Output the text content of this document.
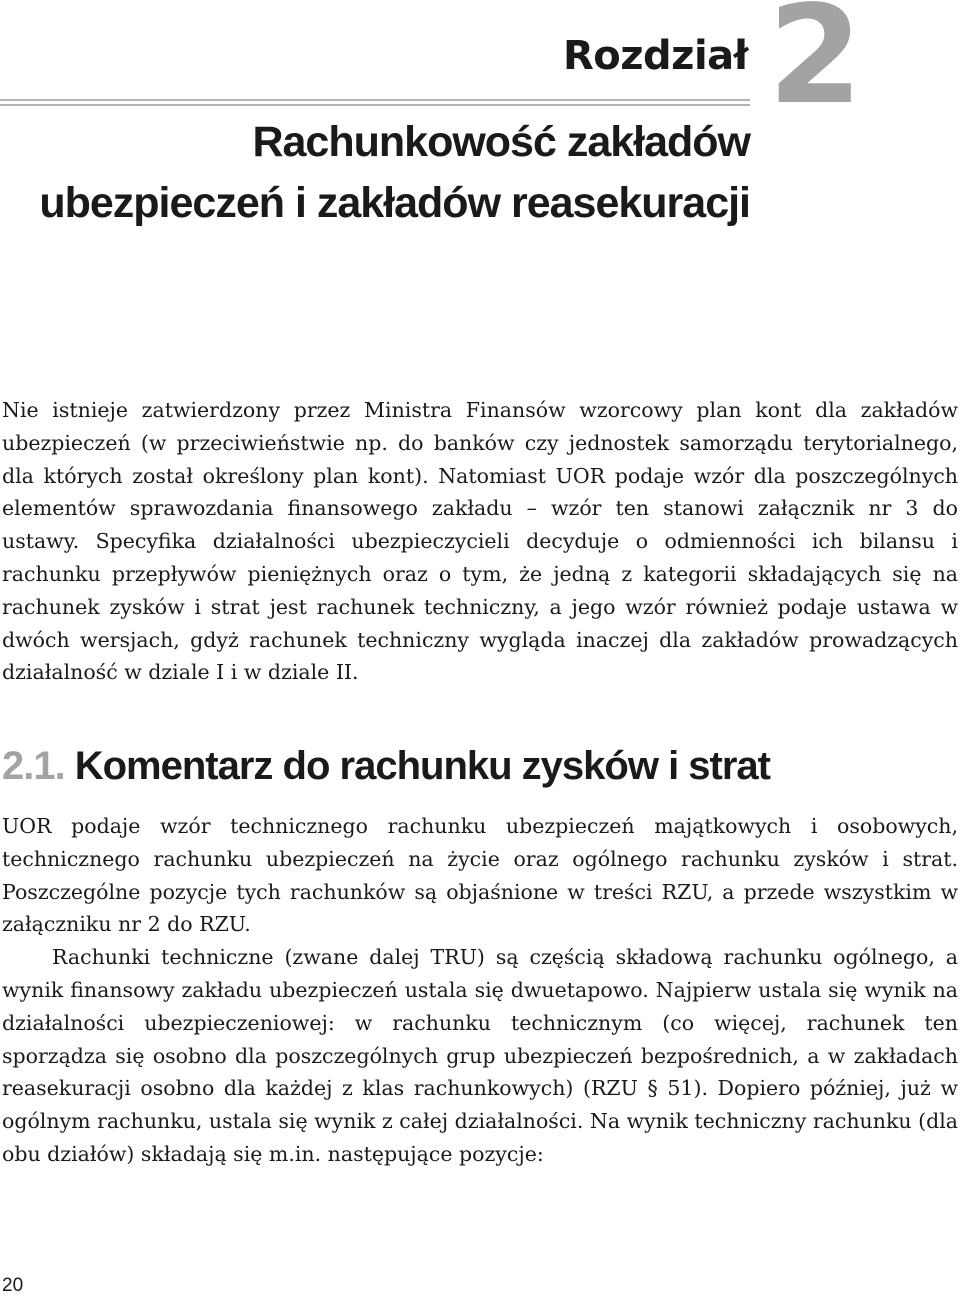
Rozdział 2
Rachunkowość zakładów
ubezpieczeń i zakładów reasekuracji

Nie istnieje zatwierdzony przez Ministra Finansów wzorcowy plan kont dla zakładów ubezpieczeń (w przeciwieństwie np. do banków czy jednostek samorządu terytorialnego, dla których został określony plan kont). Natomiast UOR podaje wzór dla poszczególnych elementów sprawozdania finansowego zakładu – wzór ten stanowi załącznik nr 3 do ustawy. Specyfika działalności ubezpieczycieli decyduje o odmienności ich bilansu i rachunku przepływów pieniężnych oraz o tym, że jedną z kategorii składających się na rachunek zysków i strat jest rachunek techniczny, a jego wzór również podaje ustawa w dwóch wersjach, gdyż rachunek techniczny wygląda inaczej dla zakładów prowadzących działalność w dziale I i w dziale II.

2.1. Komentarz do rachunku zysków i strat

UOR podaje wzór technicznego rachunku ubezpieczeń majątkowych i osobowych, technicznego rachunku ubezpieczeń na życie oraz ogólnego rachunku zysków i strat. Poszczególne pozycje tych rachunków są objaśnione w treści RZU, a przede wszystkim w załączniku nr 2 do RZU.

Rachunki techniczne (zwane dalej TRU) są częścią składową rachunku ogólnego, a wynik finansowy zakładu ubezpieczeń ustala się dwuetapowo. Najpierw ustala się wynik na działalności ubezpieczeniowej: w rachunku technicznym (co więcej, rachunek ten sporządza się osobno dla poszczególnych grup ubezpieczeń bezpośrednich, a w zakładach reasekuracji osobno dla każdej z klas rachunkowych) (RZU § 51). Dopiero później, już w ogólnym rachunku, ustala się wynik z całej działalności. Na wynik techniczny rachunku (dla obu działów) składają się m.in. następujące pozycje:

20
